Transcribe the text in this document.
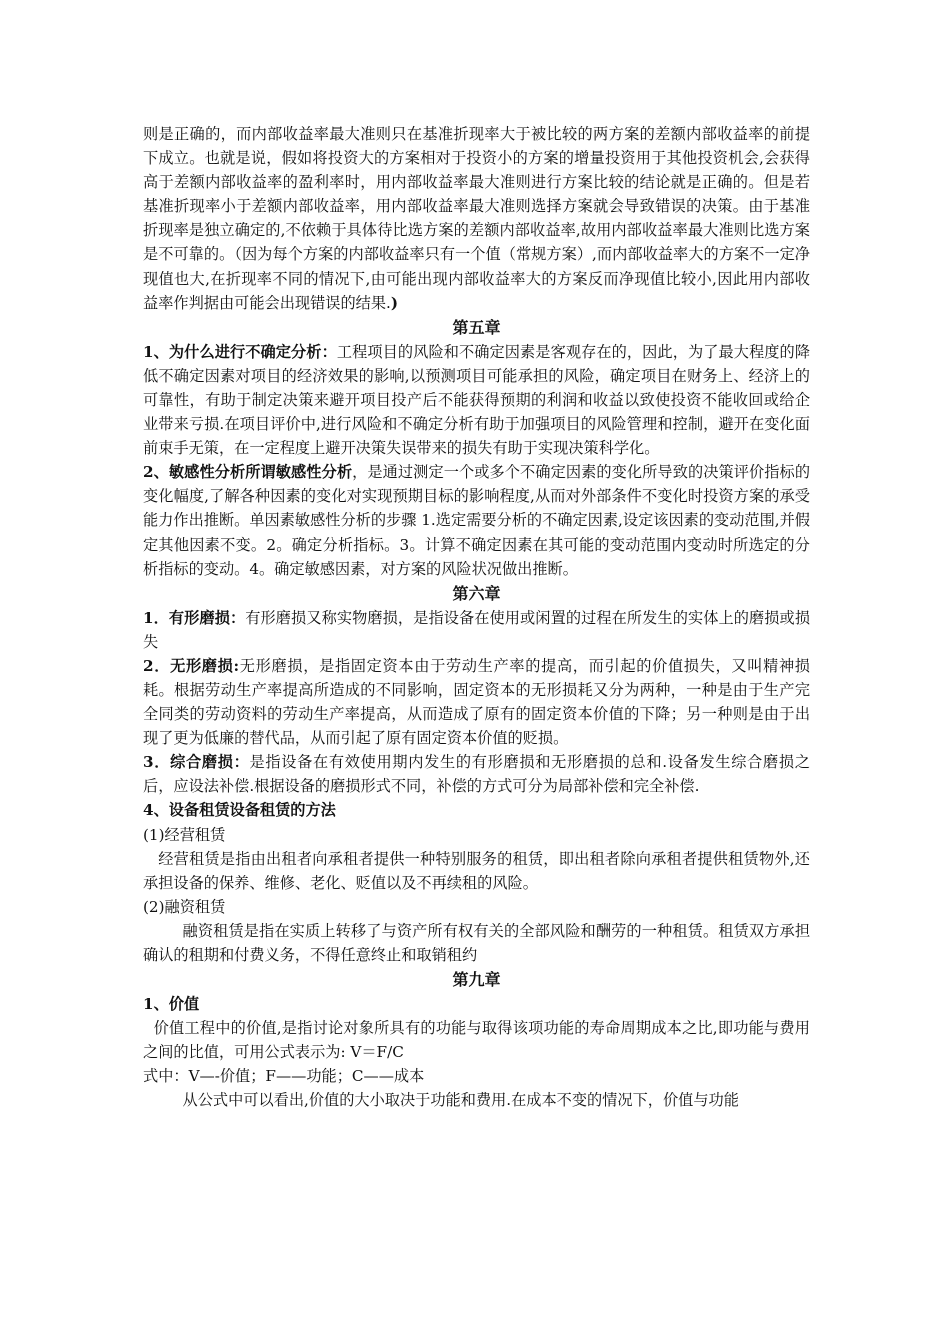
则是正确的，而内部收益率最大准则只在基准折现率大于被比较的两方案的差额内部收益率的前提下成立。也就是说，假如将投资大的方案相对于投资小的方案的增量投资用于其他投资机会,会获得高于差额内部收益率的盈利率时，用内部收益率最大准则进行方案比较的结论就是正确的。但是若基准折现率小于差额内部收益率，用内部收益率最大准则选择方案就会导致错误的决策。由于基准折现率是独立确定的,不依赖于具体待比选方案的差额内部收益率,故用内部收益率最大准则比选方案是不可靠的。（因为每个方案的内部收益率只有一个值（常规方案）,而内部收益率大的方案不一定净现值也大,在折现率不同的情况下,由可能出现内部收益率大的方案反而净现值比较小,因此用内部收益率作判据由可能会出现错误的结果.)

第五章

1、为什么进行不确定分析：工程项目的风险和不确定因素是客观存在的，因此，为了最大程度的降低不确定因素对项目的经济效果的影响,以预测项目可能承担的风险，确定项目在财务上、经济上的可靠性，有助于制定决策来避开项目投产后不能获得预期的利润和收益以致使投资不能收回或给企业带来亏损.在项目评价中,进行风险和不确定分析有助于加强项目的风险管理和控制，避开在变化面前束手无策，在一定程度上避开决策失误带来的损失有助于实现决策科学化。

2、敏感性分析所谓敏感性分析，是通过测定一个或多个不确定因素的变化所导致的决策评价指标的变化幅度,了解各种因素的变化对实现预期目标的影响程度,从而对外部条件不变化时投资方案的承受能力作出推断。单因素敏感性分析的步骤 1.选定需要分析的不确定因素,设定该因素的变动范围,并假定其他因素不变。2。确定分析指标。3。计算不确定因素在其可能的变动范围内变动时所选定的分析指标的变动。4。确定敏感因素，对方案的风险状况做出推断。

第六章

1．有形磨损：有形磨损又称实物磨损，是指设备在使用或闲置的过程在所发生的实体上的磨损或损失

2．无形磨损:无形磨损，是指固定资本由于劳动生产率的提高，而引起的价值损失，又叫精神损耗。根据劳动生产率提高所造成的不同影响，固定资本的无形损耗又分为两种，一种是由于生产完全同类的劳动资料的劳动生产率提高，从而造成了原有的固定资本价值的下降；另一种则是由于出现了更为低廉的替代品，从而引起了原有固定资本价值的贬损。

3．综合磨损：是指设备在有效使用期内发生的有形磨损和无形磨损的总和.设备发生综合磨损之后，应设法补偿.根据设备的磨损形式不同，补偿的方式可分为局部补偿和完全补偿.

4、设备租赁设备租赁的方法

(1)经营租赁

经营租赁是指由出租者向承租者提供一种特别服务的租赁，即出租者除向承租者提供租赁物外,还承担设备的保养、维修、老化、贬值以及不再续租的风险。

(2)融资租赁

融资租赁是指在实质上转移了与资产所有权有关的全部风险和酬劳的一种租赁。租赁双方承担确认的租期和付费义务，不得任意终止和取销租约

第九章

1、价值

价值工程中的价值,是指讨论对象所具有的功能与取得该项功能的寿命周期成本之比,即功能与费用之间的比值，可用公式表示为: V＝F/C

式中：V—-价值；F——功能；C——成本

从公式中可以看出,价值的大小取决于功能和费用.在成本不变的情况下，价值与功能
